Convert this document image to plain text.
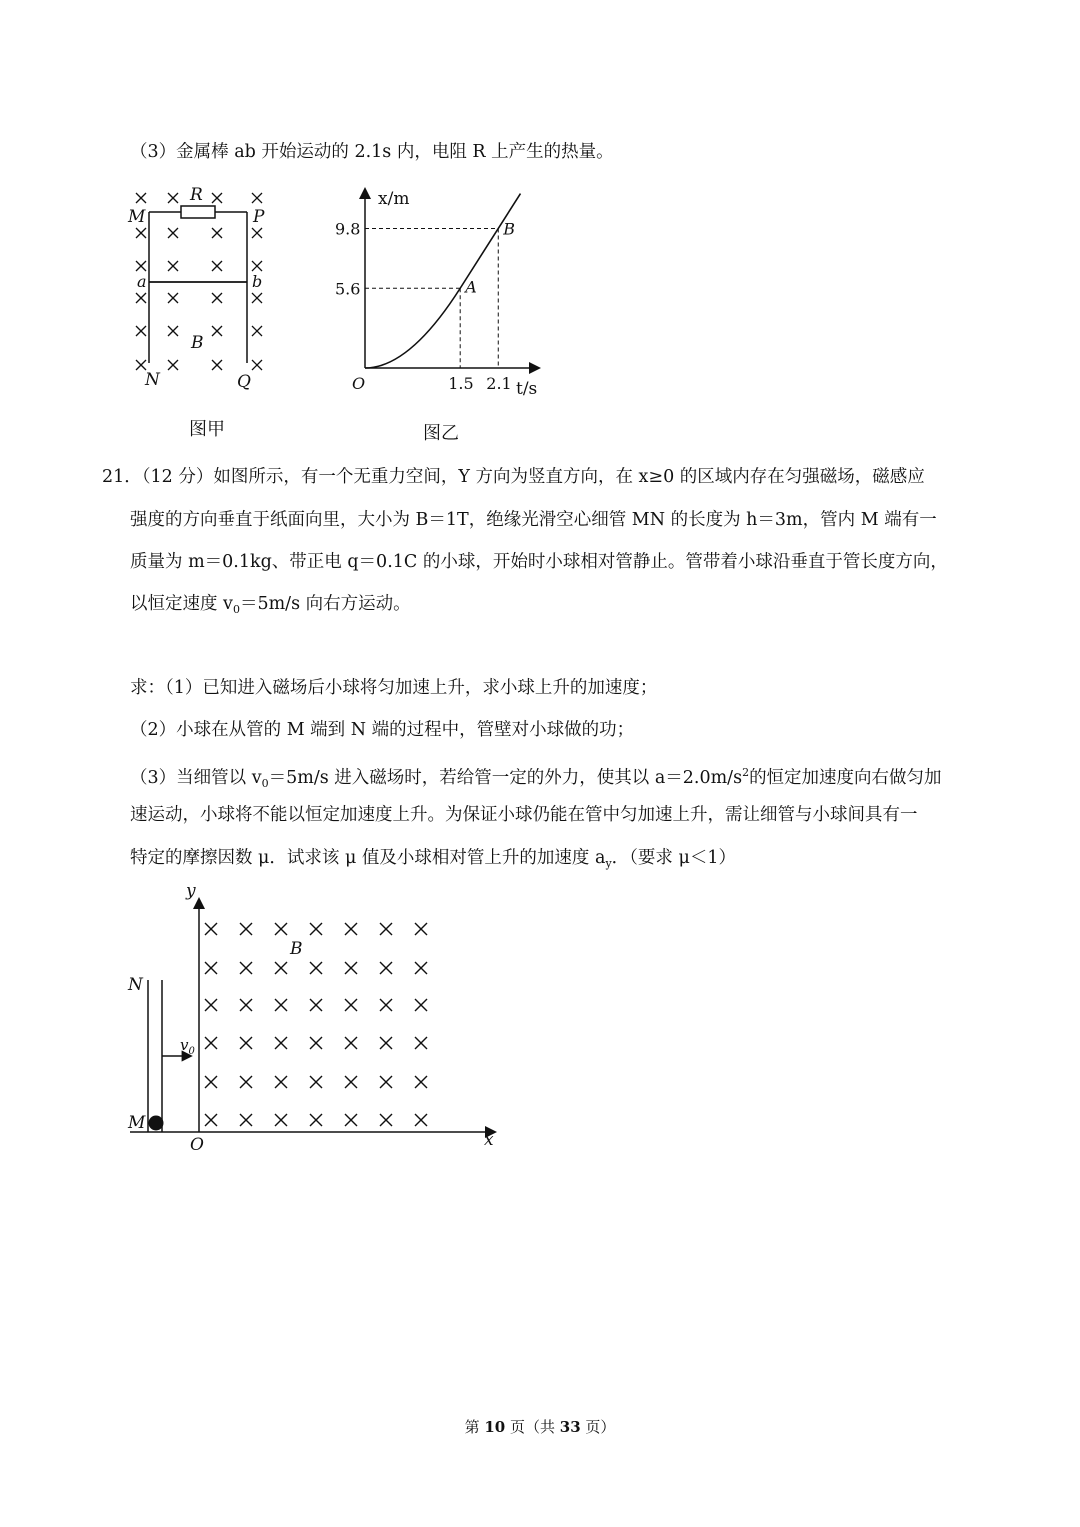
（3）金属棒 ab 开始运动的 2.1s 内，电阻 R 上产生的热量。
R
M	P
a	b
B
N	Q
图甲
5.6
9.8
1.5 2.1
A
B
x/m
t/s
O
图乙
21．（12 分）如图所示，有一个无重力空间，Y 方向为竖直方向，在 x≥0 的区域内存在匀强磁场，磁感应
强度的方向垂直于纸面向里，大小为 B＝1T，绝缘光滑空心细管 MN 的长度为 h＝3m，管内 M 端有一
质量为 m＝0.1kg、带正电 q＝0.1C 的小球，开始时小球相对管静止。管带着小球沿垂直于管长度方向，
以恒定速度 $v_0=5m/s$ 向右方运动。
求：（1）已知进入磁场后小球将匀加速上升，求小球上升的加速度；
（2）小球在从管的 M 端到 N 端的过程中，管壁对小球做的功；
（3）当细管以 $v_0=5m/s$ 进入磁场时，若给管一定的外力，使其以 $a=2.0m/s^2$的恒定加速度向右做匀加
速运动，小球将不能以恒定加速度上升。为保证小球仍能在管中匀加速上升，需让细管与小球间具有一
特定的摩擦因数 μ．试求该 μ 值及小球相对管上升的加速度 $a_y$．（要求 μ＜1）
y
x
O
N
M
B
$v_0$
第 10 页（共 33 页）
